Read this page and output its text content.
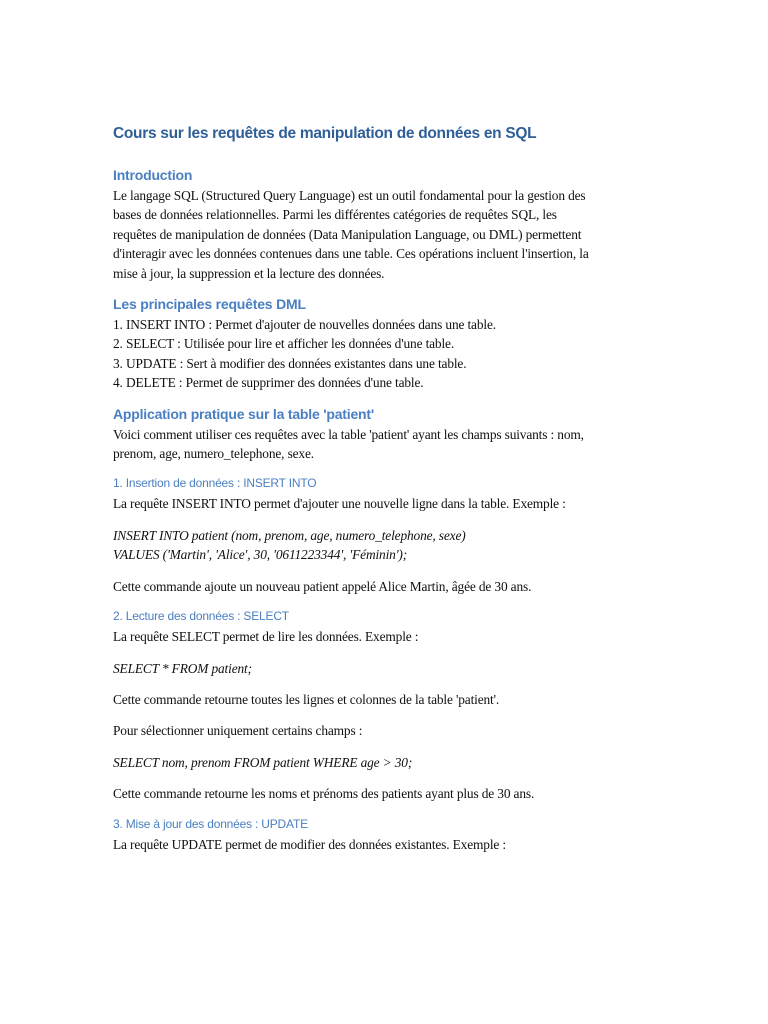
Cours sur les requêtes de manipulation de données en SQL
Introduction
Le langage SQL (Structured Query Language) est un outil fondamental pour la gestion des
bases de données relationnelles. Parmi les différentes catégories de requêtes SQL, les
requêtes de manipulation de données (Data Manipulation Language, ou DML) permettent
d'interagir avec les données contenues dans une table. Ces opérations incluent l'insertion, la
mise à jour, la suppression et la lecture des données.
Les principales requêtes DML
1. INSERT INTO : Permet d'ajouter de nouvelles données dans une table.
2. SELECT : Utilisée pour lire et afficher les données d'une table.
3. UPDATE : Sert à modifier des données existantes dans une table.
4. DELETE : Permet de supprimer des données d'une table.
Application pratique sur la table 'patient'
Voici comment utiliser ces requêtes avec la table 'patient' ayant les champs suivants : nom,
prenom, age, numero_telephone, sexe.
1. Insertion de données : INSERT INTO
La requête INSERT INTO permet d'ajouter une nouvelle ligne dans la table. Exemple :
INSERT INTO patient (nom, prenom, age, numero_telephone, sexe)
VALUES ('Martin', 'Alice', 30, '0611223344', 'Féminin');
Cette commande ajoute un nouveau patient appelé Alice Martin, âgée de 30 ans.
2. Lecture des données : SELECT
La requête SELECT permet de lire les données. Exemple :
SELECT * FROM patient;
Cette commande retourne toutes les lignes et colonnes de la table 'patient'.
Pour sélectionner uniquement certains champs :
SELECT nom, prenom FROM patient WHERE age > 30;
Cette commande retourne les noms et prénoms des patients ayant plus de 30 ans.
3. Mise à jour des données : UPDATE
La requête UPDATE permet de modifier des données existantes. Exemple :
